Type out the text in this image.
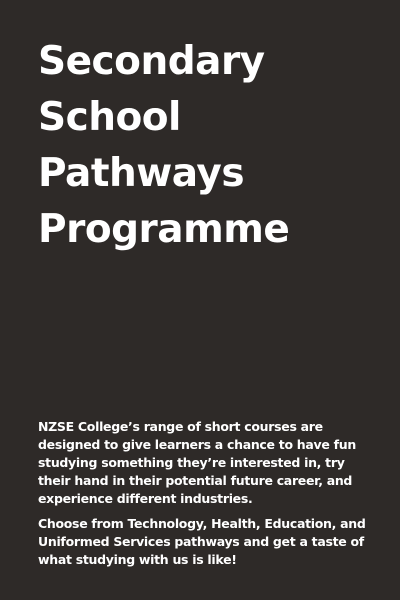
Secondary
School
Pathways
Programme

NZSE College’s range of short courses are designed to give learners a chance to have fun studying something they’re interested in, try their hand in their potential future career, and experience different industries.

Choose from Technology, Health, Education, and Uniformed Services pathways and get a taste of what studying with us is like!
